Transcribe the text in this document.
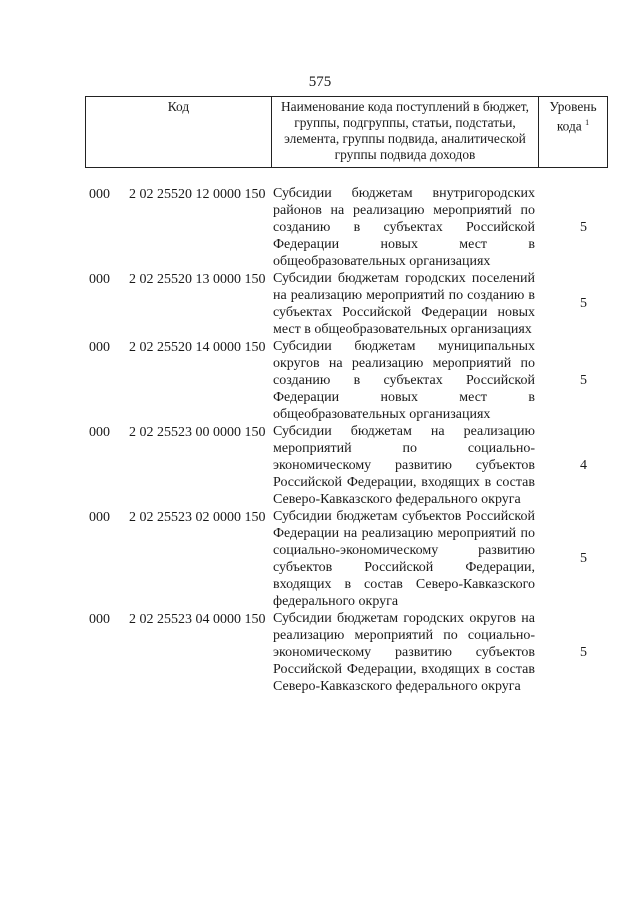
575
Код	Наименование кода поступлений в бюджет, группы, подгруппы, статьи, подстатьи, элемента, группы подвида, аналитической группы подвида доходов
Уровень кода $^1$
000 2 02 25520 12 0000 150 Субсидии бюджетам внутригородских районов на реализацию мероприятий по созданию в субъектах Российской Федерации новых мест в общеобразовательных организациях
5
000 2 02 25520 13 0000 150 Субсидии бюджетам городских поселений на реализацию мероприятий по созданию в субъектах Российской Федерации новых мест в общеобразовательных организациях
5
000 2 02 25520 14 0000 150 Субсидии бюджетам муниципальных округов на реализацию мероприятий по созданию в субъектах Российской Федерации новых мест в общеобразовательных организациях
5
000 2 02 25523 00 0000 150 Субсидии бюджетам на реализацию мероприятий по социально-экономическому развитию субъектов Российской Федерации, входящих в состав Северо-Кавказского федерального округа
4
000 2 02 25523 02 0000 150 Субсидии бюджетам субъектов Российской Федерации на реализацию мероприятий по социально-экономическому развитию субъектов Российской Федерации, входящих в состав Северо-Кавказского федерального округа
5
000 2 02 25523 04 0000 150 Субсидии бюджетам городских округов на реализацию мероприятий по социально-экономическому развитию субъектов Российской Федерации, входящих в состав Северо-Кавказского федерального округа
5
